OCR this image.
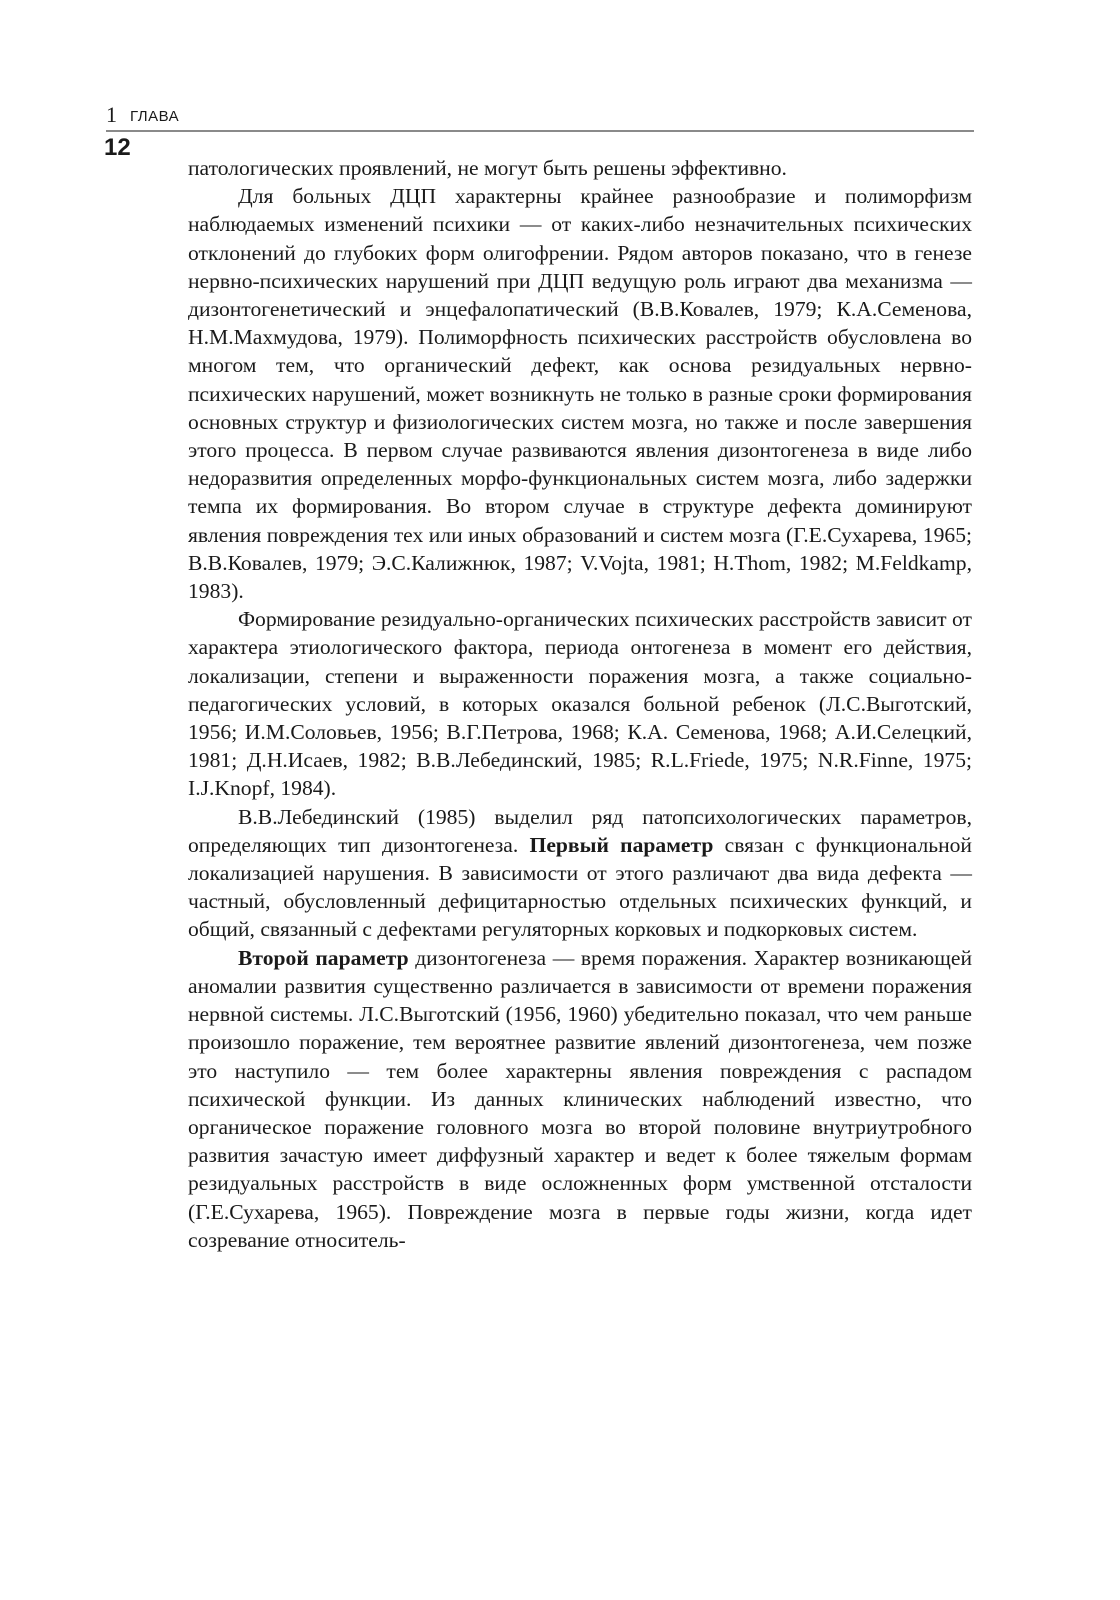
1 ГЛАВА
12

патологических проявлений, не могут быть решены эффективно.

Для больных ДЦП характерны крайнее разнообразие и полиморфизм наблюдаемых изменений психики — от каких-либо незначительных психических отклонений до глубоких форм олигофрении. Рядом авторов показано, что в генезе нервно-психических нарушений при ДЦП ведущую роль играют два механизма — дизонтогенетический и энцефалопатический (В.В.Ковалев, 1979; К.А.Семенова, Н.М.Махмудова, 1979). Полиморфность психических расстройств обусловлена во многом тем, что органический дефект, как основа резидуальных нервно-психических нарушений, может возникнуть не только в разные сроки формирования основных структур и физиологических систем мозга, но также и после завершения этого процесса. В первом случае развиваются явления дизонтогенеза в виде либо недоразвития определенных морфо-функциональных систем мозга, либо задержки темпа их формирования. Во втором случае в структуре дефекта доминируют явления повреждения тех или иных образований и систем мозга (Г.Е.Сухарева, 1965; В.В.Ковалев, 1979; Э.С.Калижнюк, 1987; V.Vojta, 1981; H.Thom, 1982; M.Feldkamp, 1983).

Формирование резидуально-органических психических расстройств зависит от характера этиологического фактора, периода онтогенеза в момент его действия, локализации, степени и выраженности поражения мозга, а также социально-педагогических условий, в которых оказался больной ребенок (Л.С.Выготский, 1956; И.М.Соловьев, 1956; В.Г.Петрова, 1968; К.А. Семенова, 1968; А.И.Селецкий, 1981; Д.Н.Исаев, 1982; В.В.Лебединский, 1985; R.L.Friede, 1975; N.R.Finne, 1975; I.J.Knopf, 1984).

В.В.Лебединский (1985) выделил ряд патопсихологических параметров, определяющих тип дизонтогенеза. Первый параметр связан с функциональной локализацией нарушения. В зависимости от этого различают два вида дефекта — частный, обусловленный дефицитарностью отдельных психических функций, и общий, связанный с дефектами регуляторных корковых и подкорковых систем.

Второй параметр дизонтогенеза — время поражения. Характер возникающей аномалии развития существенно различается в зависимости от времени поражения нервной системы. Л.С.Выготский (1956, 1960) убедительно показал, что чем раньше произошло поражение, тем вероятнее развитие явлений дизонтогенеза, чем позже это наступило — тем более характерны явления повреждения с распадом психической функции. Из данных клинических наблюдений известно, что органическое поражение головного мозга во второй половине внутриутробного развития зачастую имеет диффузный характер и ведет к более тяжелым формам резидуальных расстройств в виде осложненных форм умственной отсталости (Г.Е.Сухарева, 1965). Повреждение мозга в первые годы жизни, когда идет созревание относитель-
